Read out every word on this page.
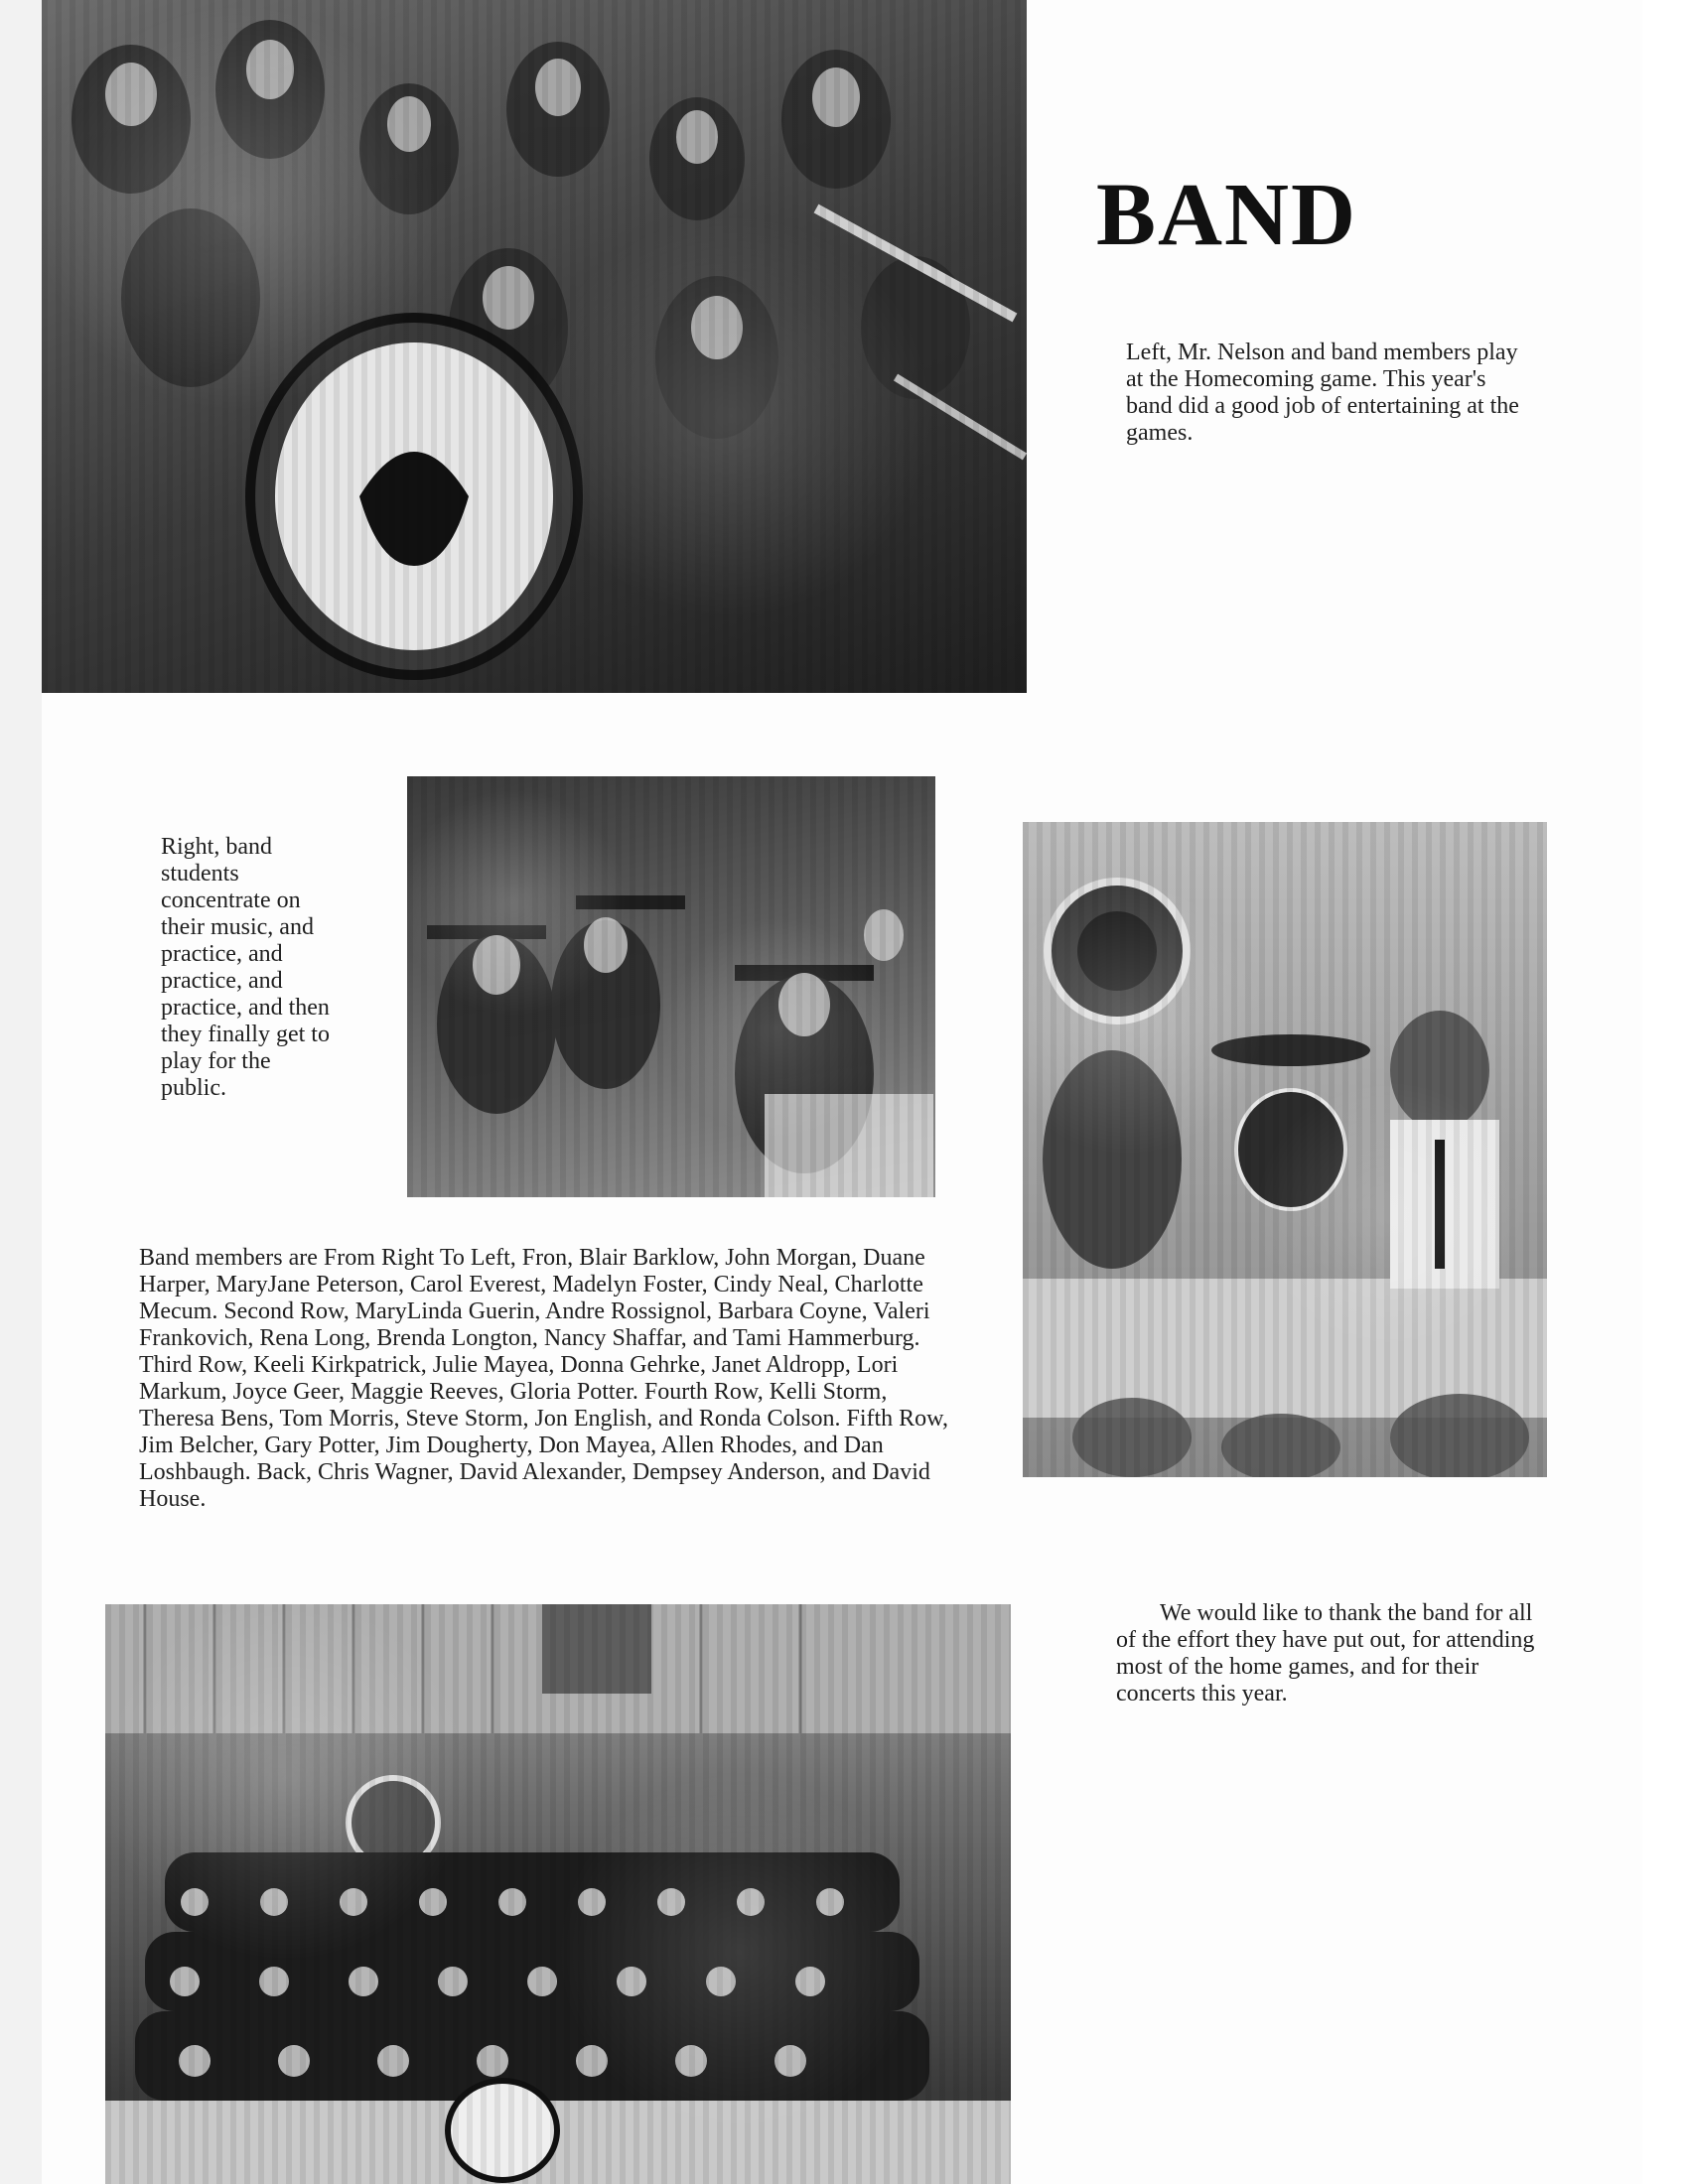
BAND

Left, Mr. Nelson and band members play at the Homecoming game. This year's band did a good job of entertaining at the games.

Right, band students concentrate on their music, and practice, and practice, and practice, and then they finally get to play for the public.

Band members are From Right To Left, Fron, Blair Barklow, John Morgan, Duane Harper, MaryJane Peterson, Carol Everest, Madelyn Foster, Cindy Neal, Charlotte Mecum. Second Row, MaryLinda Guerin, Andre Rossignol, Barbara Coyne, Valeri Frankovich, Rena Long, Brenda Longton, Nancy Shaffar, and Tami Hammerburg. Third Row, Keeli Kirkpatrick, Julie Mayea, Donna Gehrke, Janet Aldropp, Lori Markum, Joyce Geer, Maggie Reeves, Gloria Potter. Fourth Row, Kelli Storm, Theresa Bens, Tom Morris, Steve Storm, Jon English, and Ronda Colson. Fifth Row, Jim Belcher, Gary Potter, Jim Dougherty, Don Mayea, Allen Rhodes, and Dan Loshbaugh. Back, Chris Wagner, David Alexander, Dempsey Anderson, and David House.

We would like to thank the band for all of the effort they have put out, for attending most of the home games, and for their concerts this year.
